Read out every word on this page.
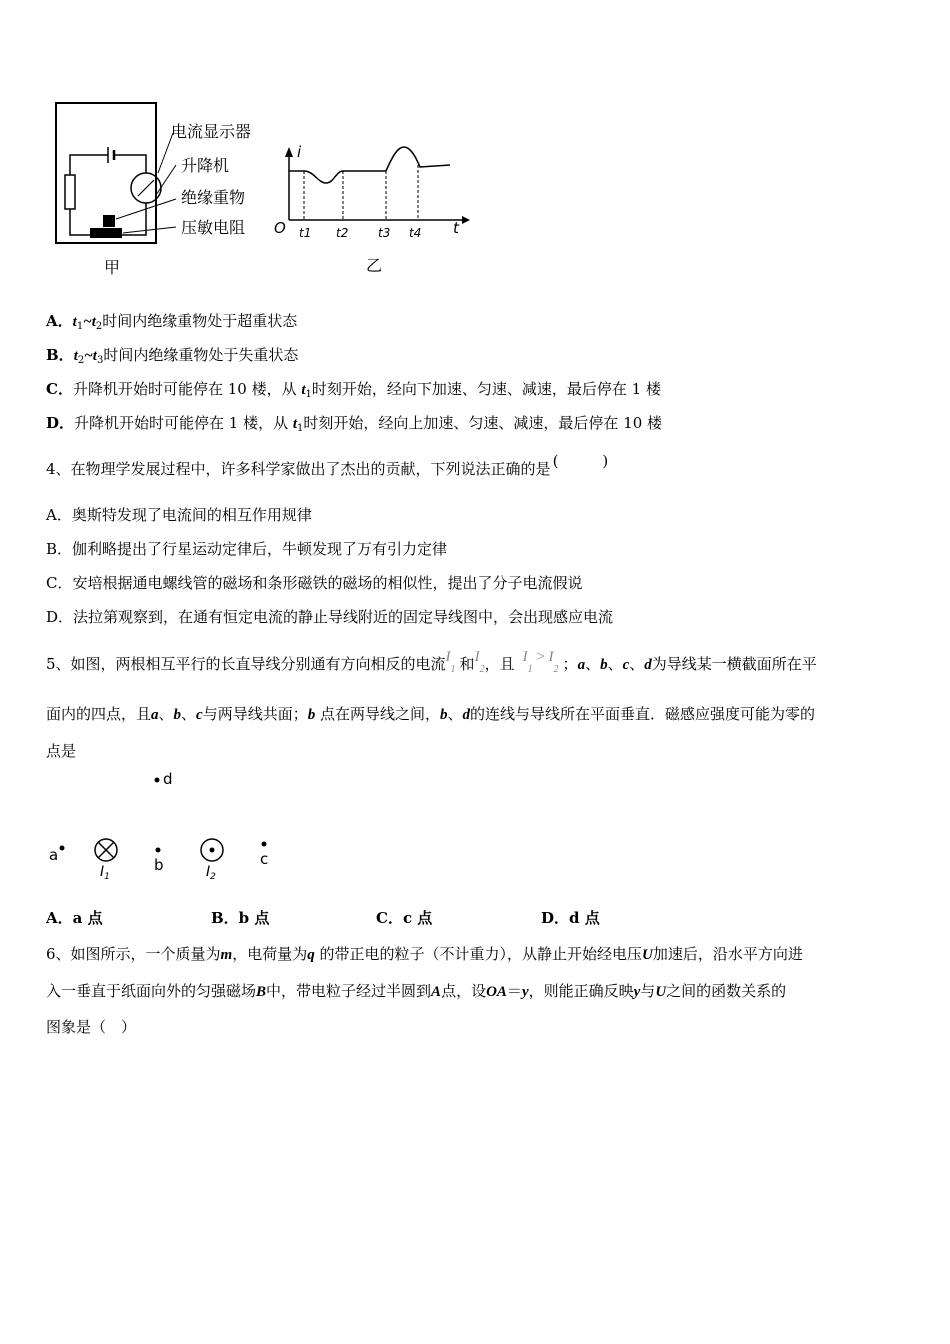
电流显示器
升降机
绝缘重物
压敏电阻
甲
i
t
O t1 t2 t3 t4
乙
A．$t_1\sim t_2$时间内绝缘重物处于超重状态
B．$t_2\sim t_3$时间内绝缘重物处于失重状态
C．升降机开始时可能停在 10 楼，从 $t_1$时刻开始，经向下加速、匀速、减速，最后停在 1 楼
D．升降机开始时可能停在 1 楼，从 $t_1$时刻开始，经向上加速、匀速、减速，最后停在 10 楼
4、在物理学发展过程中，许多科学家做出了杰出的贡献，下列说法正确的是 (	)
A．奥斯特发现了电流间的相互作用规律
B．伽利略提出了行星运动定律后，牛顿发现了万有引力定律
C．安培根据通电螺线管的磁场和条形磁铁的磁场的相似性，提出了分子电流假说
D．法拉第观察到，在通有恒定电流的静止导线附近的固定导线图中，会出现感应电流
5、如图，两根相互平行的长直导线分别通有方向相反的电流$I_1$ 和$I_2$，且 $I_1 > I_2$ ；a、b、c、d为导线某一横截面所在平
面内的四点，且a、b、c与两导线共面；b 点在两导线之间，b、d的连线与导线所在平面垂直．磁感应强度可能为零的
点是
d
a
$I_1$
b	$I_2$
c
A．a 点	B．b 点	C．c 点	D．d 点
6、如图所示，一个质量为m，电荷量为q 的带正电的粒子（不计重力），从静止开始经电压U加速后，沿水平方向进
入一垂直于纸面向外的匀强磁场B中，带电粒子经过半圆到A点，设OA＝y，则能正确反映y与U之间的函数关系的
图象是（　）
